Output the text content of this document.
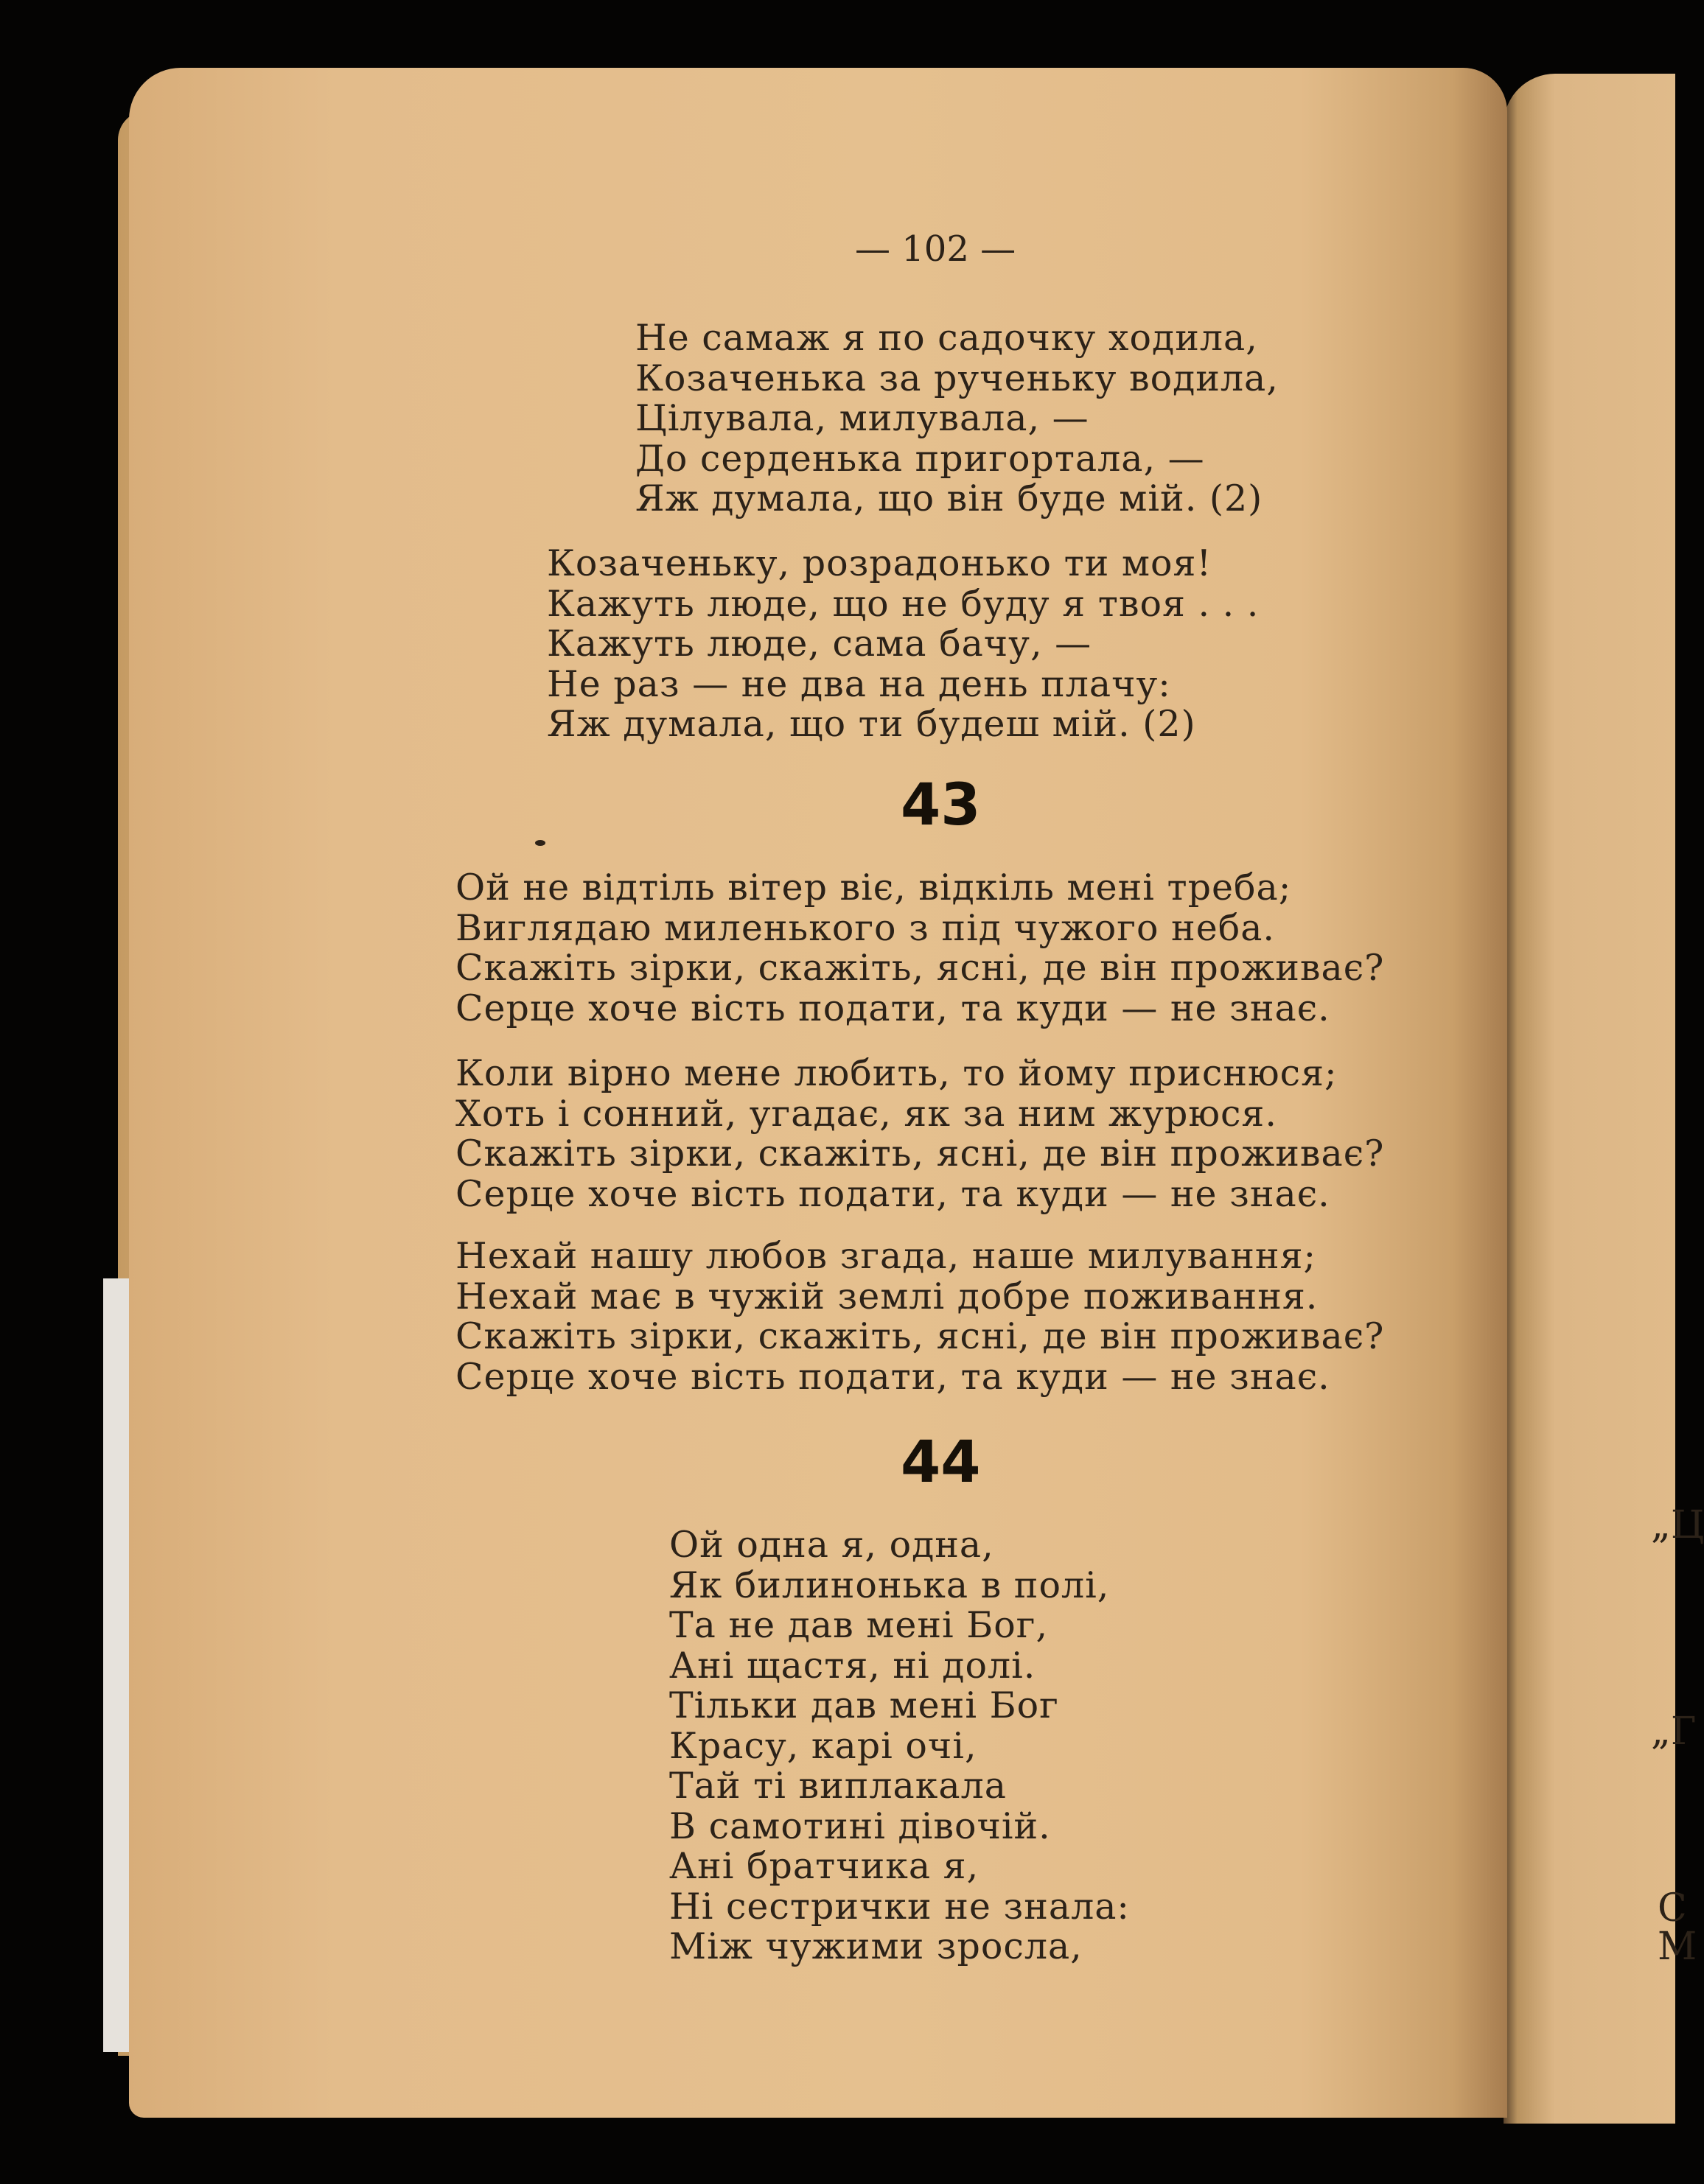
— 102 —
Не самаж я по садочку ходила,
Козаченька за рученьку водила,
Цілувала, милувала, —
До серденька пригортала, —
Яж думала, що він буде мій. (2)
Козаченьку, розрадонько ти моя!
Кажуть люде, що не буду я твоя . . .
Кажуть люде, сама бачу, —
Не раз — не два на день плачу:
Яж думала, що ти будеш мій. (2)
43
Ой не відтіль вітер віє, відкіль мені треба;
Виглядаю миленького з під чужого неба.
Скажіть зірки, скажіть, ясні, де він проживає?
Серце хоче вість подати, та куди — не знає.
Коли вірно мене любить, то йому приснюся;
Хоть і сонний, угадає, як за ним журюся.
Скажіть зірки, скажіть, ясні, де він проживає?
Серце хоче вість подати, та куди — не знає.
Нехай нашу любов згада, наше милування;
Нехай має в чужій землі добре поживання.
Скажіть зірки, скажіть, ясні, де він проживає?
Серце хоче вість подати, та куди — не знає.
44
Ой одна я, одна,
Як билинонька в полі,
Та не дав мені Бог,
Ані щастя, ні долі.
Тільки дав мені Бог
Красу, карі очі,
Тай ті виплакала
В самотині дівочій.
Ані братчика я,
Ні сестрички не знала:
Між чужими зросла,
„Ц
„Г
С
М
